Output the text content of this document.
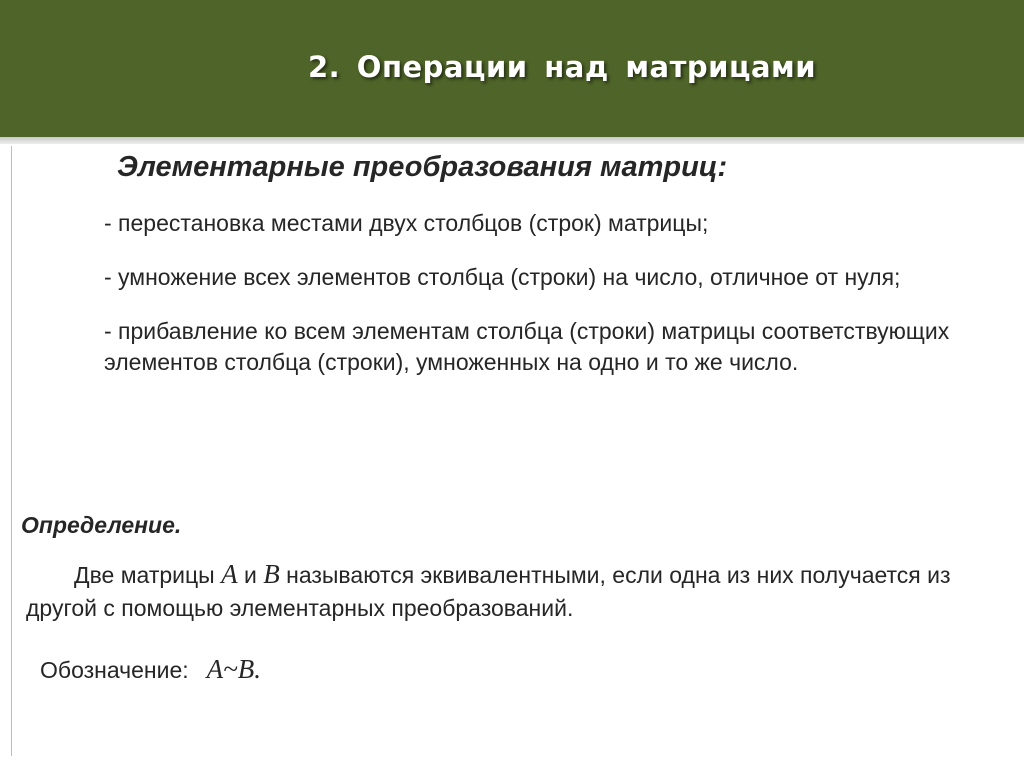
2. Операции над матрицами
Элементарные преобразования матриц:
- перестановка местами двух столбцов (строк) матрицы;
- умножение всех элементов столбца (строки) на число, отличное от нуля;
- прибавление ко всем элементам столбца (строки) матрицы соответствующих элементов столбца (строки), умноженных на одно и то же число.
Определение.
Две матрицы A и B называются эквивалентными, если одна из них получается из другой с помощью элементарных преобразований.
Обозначение: A~B.
